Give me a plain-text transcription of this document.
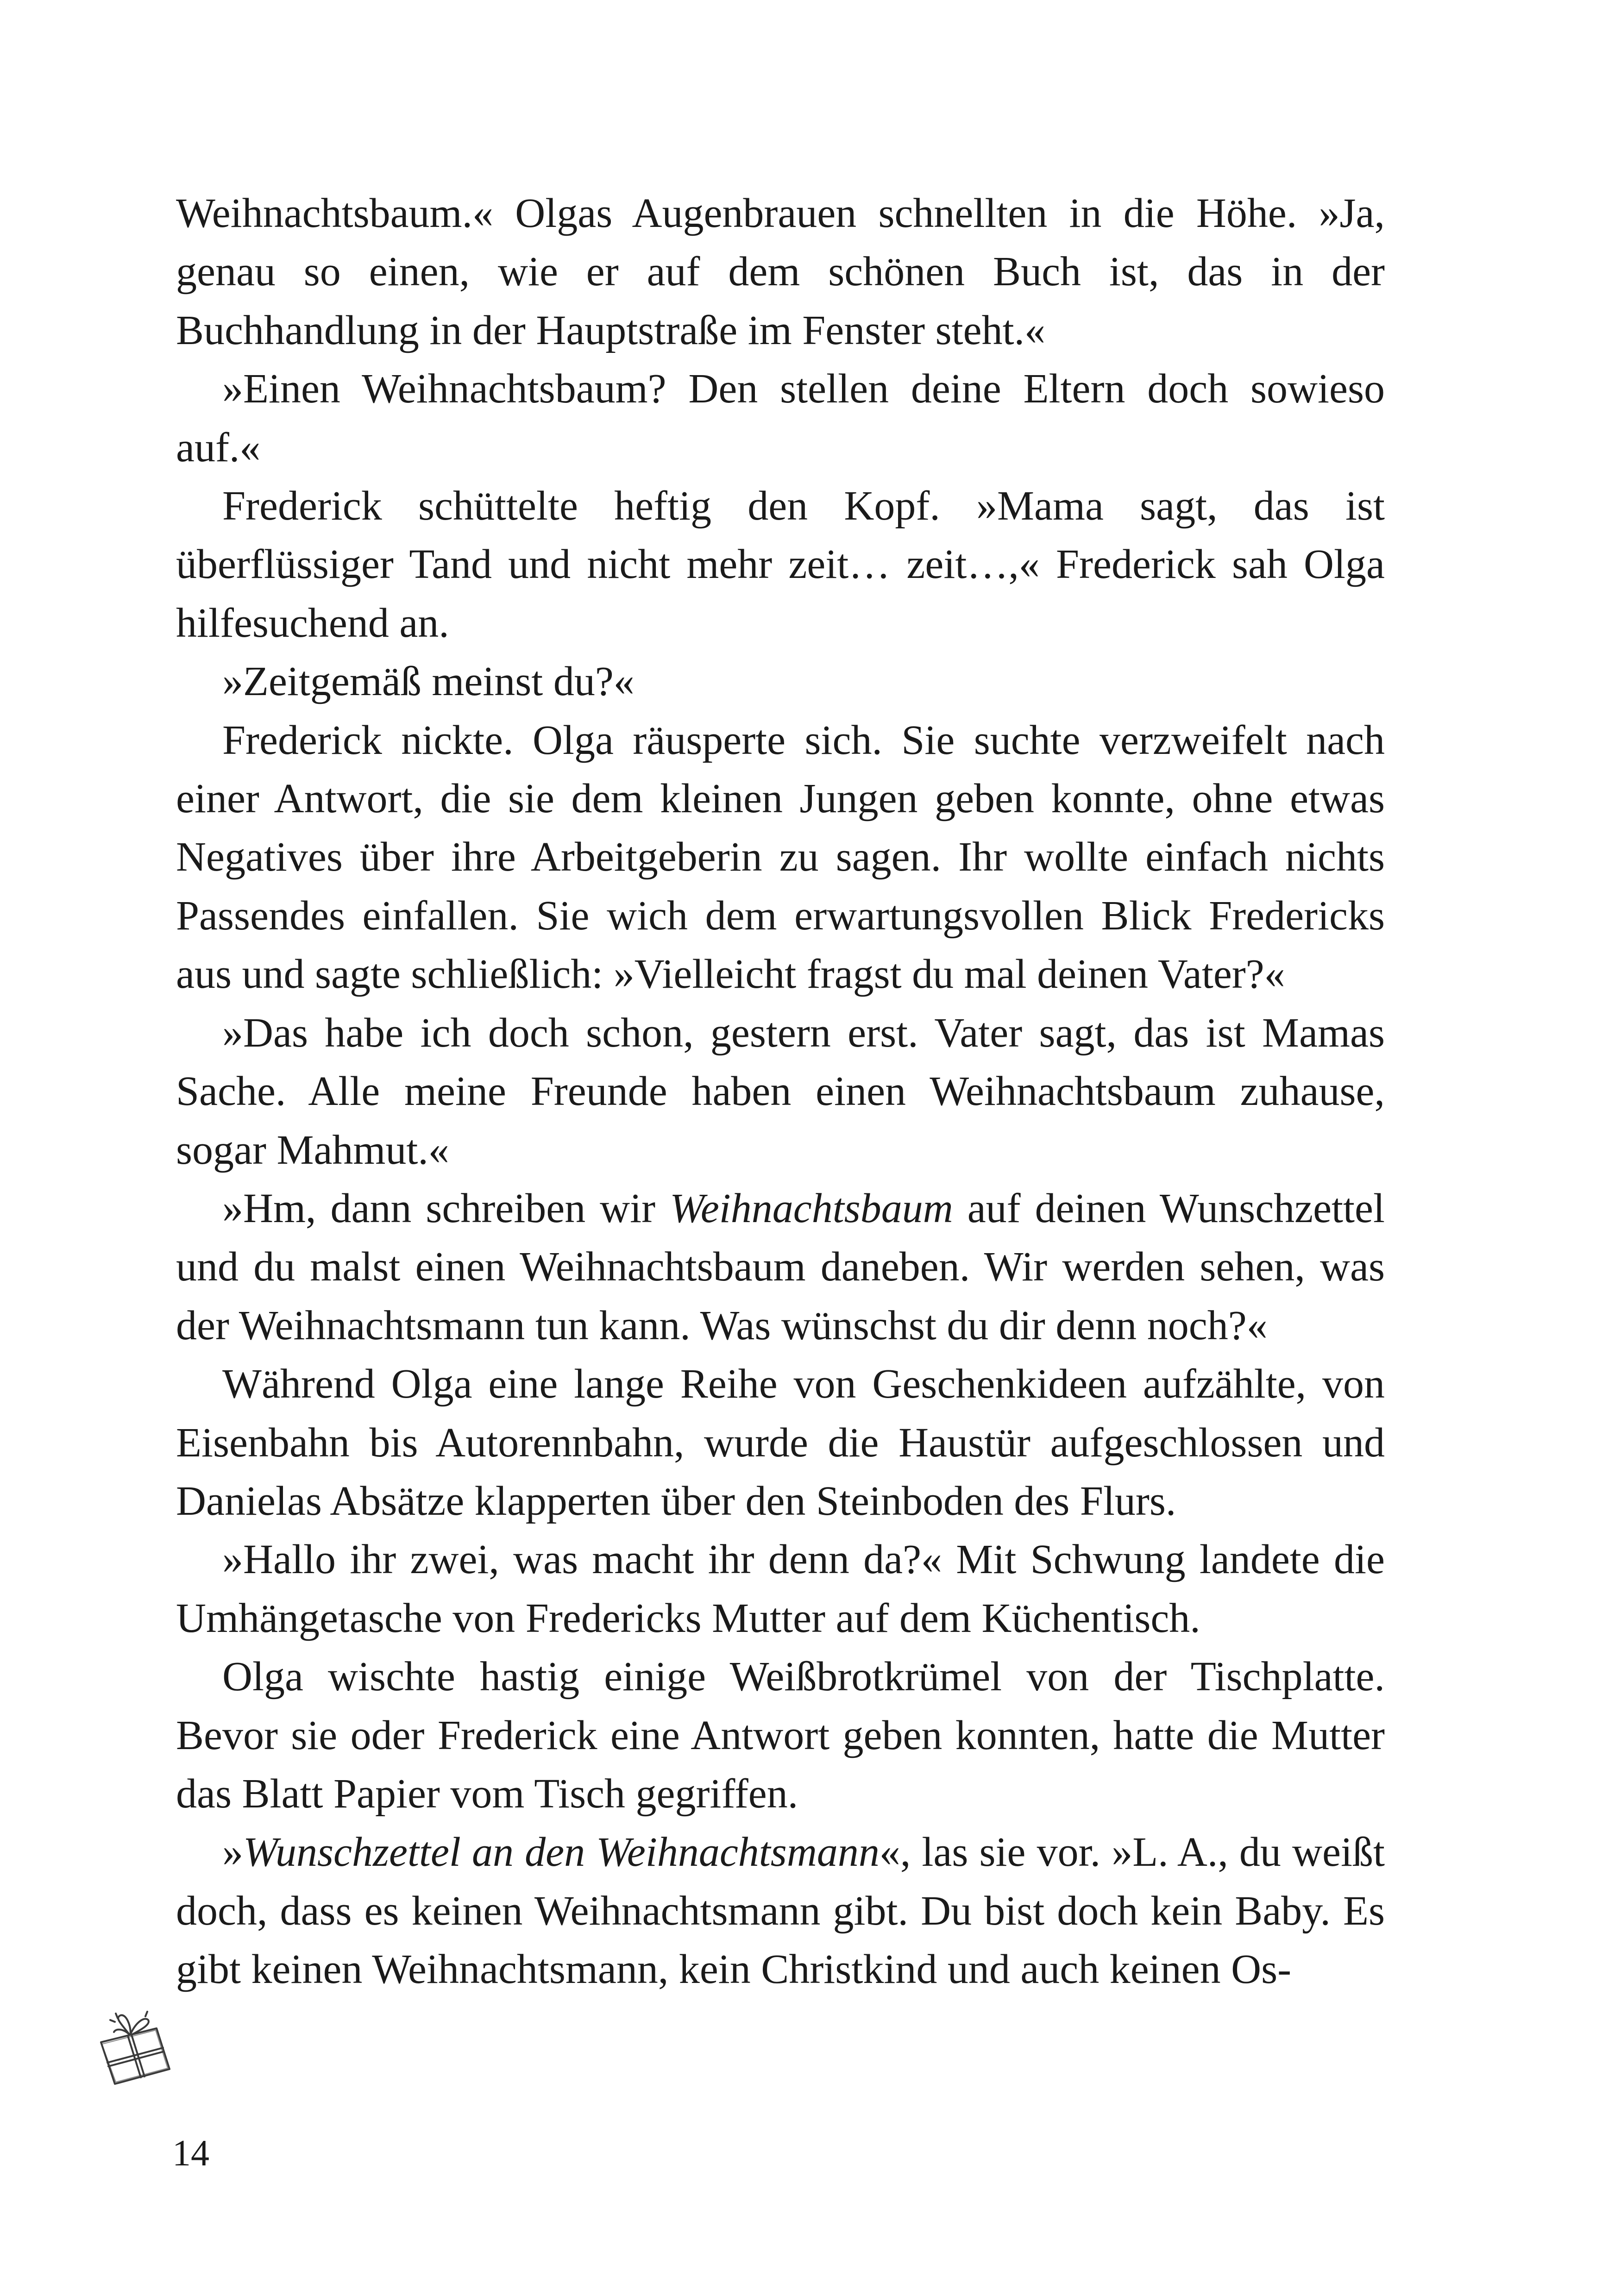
Weihnachtsbaum.« Olgas Augenbrauen schnellten in die Höhe. »Ja, genau so einen, wie er auf dem schönen Buch ist, das in der Buchhandlung in der Hauptstraße im Fenster steht.«

»Einen Weihnachtsbaum? Den stellen deine Eltern doch sowieso auf.«

Frederick schüttelte heftig den Kopf. »Mama sagt, das ist überflüssiger Tand und nicht mehr zeit… zeit…,« Frederick sah Olga hilfesuchend an.

»Zeitgemäß meinst du?«

Frederick nickte. Olga räusperte sich. Sie suchte verzweifelt nach einer Antwort, die sie dem kleinen Jungen geben konnte, ohne etwas Negatives über ihre Arbeitgeberin zu sagen. Ihr wollte einfach nichts Passendes einfallen. Sie wich dem erwartungsvollen Blick Fredericks aus und sagte schließlich: »Vielleicht fragst du mal deinen Vater?«

»Das habe ich doch schon, gestern erst. Vater sagt, das ist Mamas Sache. Alle meine Freunde haben einen Weihnachtsbaum zuhause, sogar Mahmut.«

»Hm, dann schreiben wir Weihnachtsbaum auf deinen Wunschzettel und du malst einen Weihnachtsbaum daneben. Wir werden sehen, was der Weihnachtsmann tun kann. Was wünschst du dir denn noch?«

Während Olga eine lange Reihe von Geschenkideen aufzählte, von Eisenbahn bis Autorennbahn, wurde die Haustür aufgeschlossen und Danielas Absätze klapperten über den Steinboden des Flurs.

»Hallo ihr zwei, was macht ihr denn da?« Mit Schwung landete die Umhängetasche von Fredericks Mutter auf dem Küchentisch.

Olga wischte hastig einige Weißbrotkrümel von der Tischplatte. Bevor sie oder Frederick eine Antwort geben konnten, hatte die Mutter das Blatt Papier vom Tisch gegriffen.

»Wunschzettel an den Weihnachtsmann«, las sie vor. »L. A., du weißt doch, dass es keinen Weihnachtsmann gibt. Du bist doch kein Baby. Es gibt keinen Weihnachtsmann, kein Christkind und auch keinen Os-

14
